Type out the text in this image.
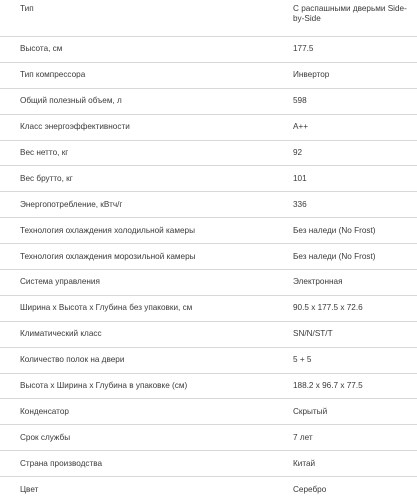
Тип	С распашными дверьми Side-by-Side
Высота, см	177.5
Тип компрессора	Инвертор
Общий полезный объем, л	598
Класс энергоэффективности	A++
Вес нетто, кг	92
Вес брутто, кг	101
Энергопотребление, кВтч/г	336
Технология охлаждения холодильной камеры	Без наледи (No Frost)
Технология охлаждения морозильной камеры	Без наледи (No Frost)
Система управления	Электронная
Ширина x Высота x Глубина без упаковки, см	90.5 x 177.5 x 72.6
Климатический класс	SN/N/ST/T
Количество полок на двери	5 + 5
Высота x Ширина x Глубина в упаковке (см)	188.2 x 96.7 x 77.5
Конденсатор	Скрытый
Срок службы	7 лет
Страна производства	Китай
Цвет	Серебро
